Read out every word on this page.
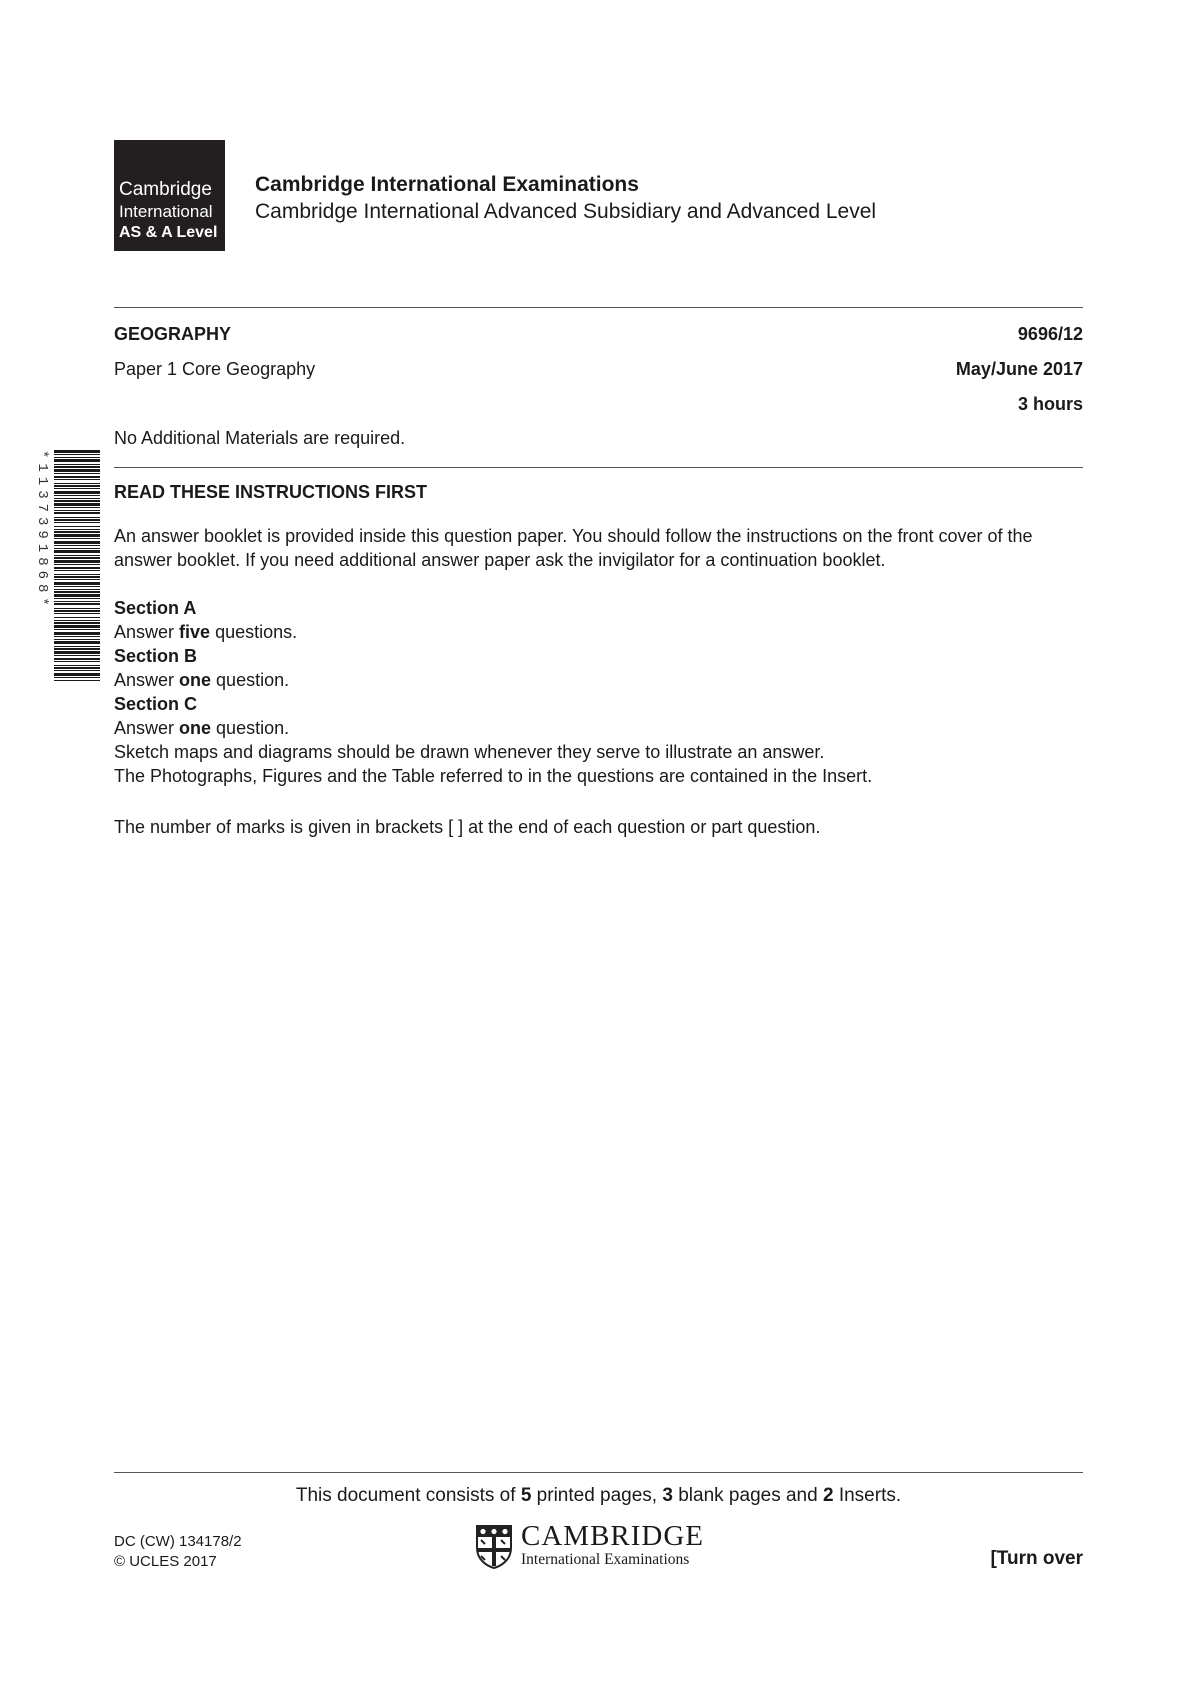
Cambridge
International
AS & A Level
Cambridge International Examinations
Cambridge International Advanced Subsidiary and Advanced Level
GEOGRAPHY	9696/12
Paper 1 Core Geography	May/June 2017
3 hours
No Additional Materials are required.
*1137391868*	READ THESE INSTRUCTIONS FIRST
An answer booklet is provided inside this question paper. You should follow the instructions on the front cover of the answer booklet. If you need additional answer paper ask the invigilator for a continuation booklet.
Section A
Answer five questions.
Section B
Answer one question.
Section C
Answer one question.
Sketch maps and diagrams should be drawn whenever they serve to illustrate an answer.
The Photographs, Figures and the Table referred to in the questions are contained in the Insert.
The number of marks is given in brackets [ ] at the end of each question or part question.
This document consists of 5 printed pages, 3 blank pages and 2 Inserts.
DC (CW) 134178/2
© UCLES 2017
CAMBRIDGE
International Examinations	[Turn over
